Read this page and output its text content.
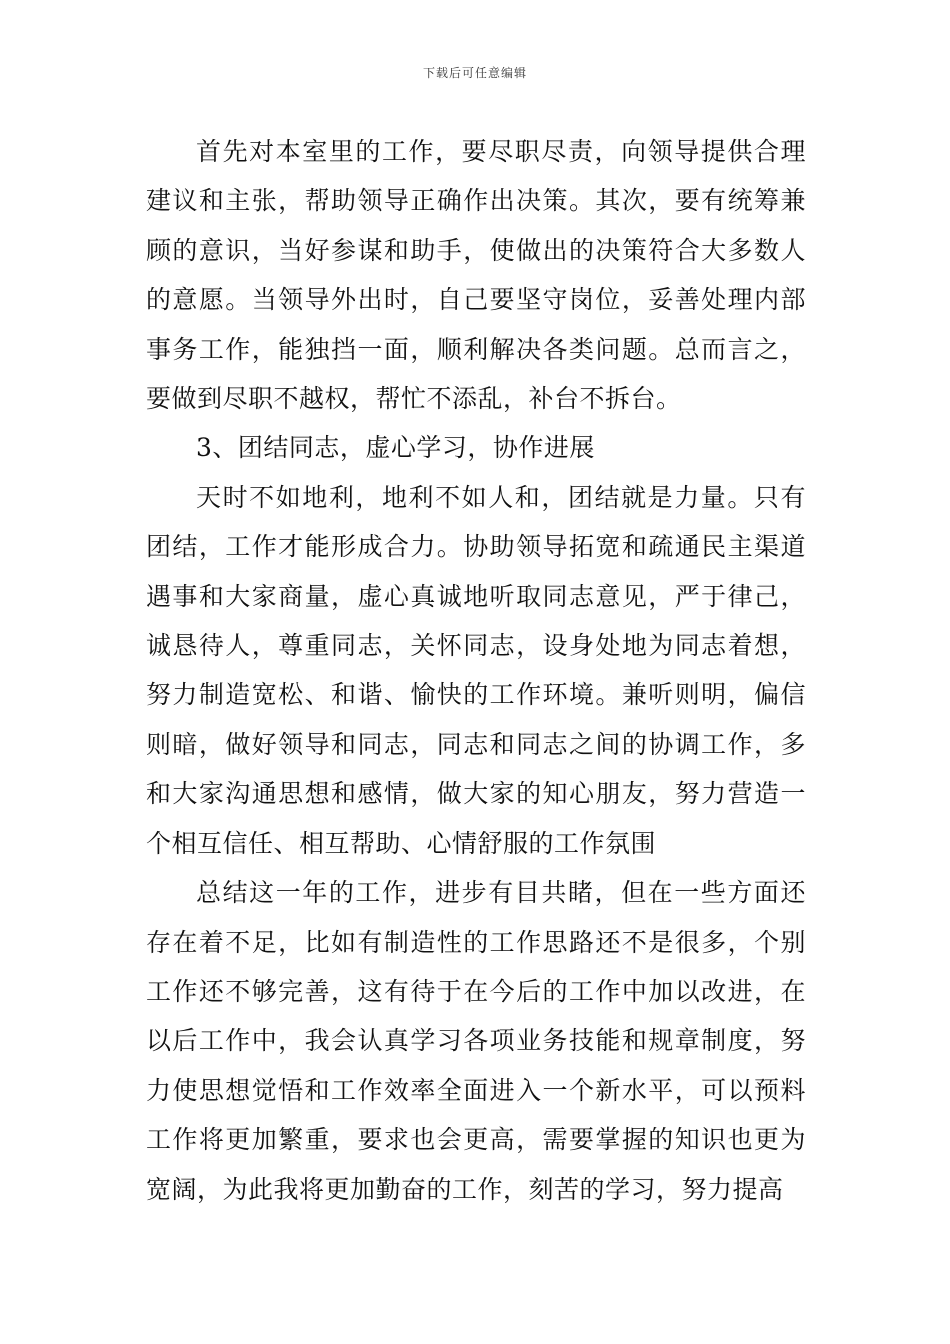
下载后可任意编辑

首先对本室里的工作，要尽职尽责，向领导提供合理建议和主张，帮助领导正确作出决策。其次，要有统筹兼顾的意识，当好参谋和助手，使做出的决策符合大多数人的意愿。当领导外出时，自己要坚守岗位，妥善处理内部事务工作，能独挡一面，顺利解决各类问题。总而言之，要做到尽职不越权，帮忙不添乱，补台不拆台。

3、团结同志，虚心学习，协作进展

天时不如地利，地利不如人和，团结就是力量。只有团结，工作才能形成合力。协助领导拓宽和疏通民主渠道遇事和大家商量，虚心真诚地听取同志意见，严于律己，诚恳待人，尊重同志，关怀同志，设身处地为同志着想，努力制造宽松、和谐、愉快的工作环境。兼听则明，偏信则暗，做好领导和同志，同志和同志之间的协调工作，多和大家沟通思想和感情，做大家的知心朋友，努力营造一个相互信任、相互帮助、心情舒服的工作氛围

总结这一年的工作，进步有目共睹，但在一些方面还存在着不足，比如有制造性的工作思路还不是很多，个别工作还不够完善，这有待于在今后的工作中加以改进，在以后工作中，我会认真学习各项业务技能和规章制度，努力使思想觉悟和工作效率全面进入一个新水平，可以预料工作将更加繁重，要求也会更高，需要掌握的知识也更为宽阔，为此我将更加勤奋的工作，刻苦的学习，努力提高
